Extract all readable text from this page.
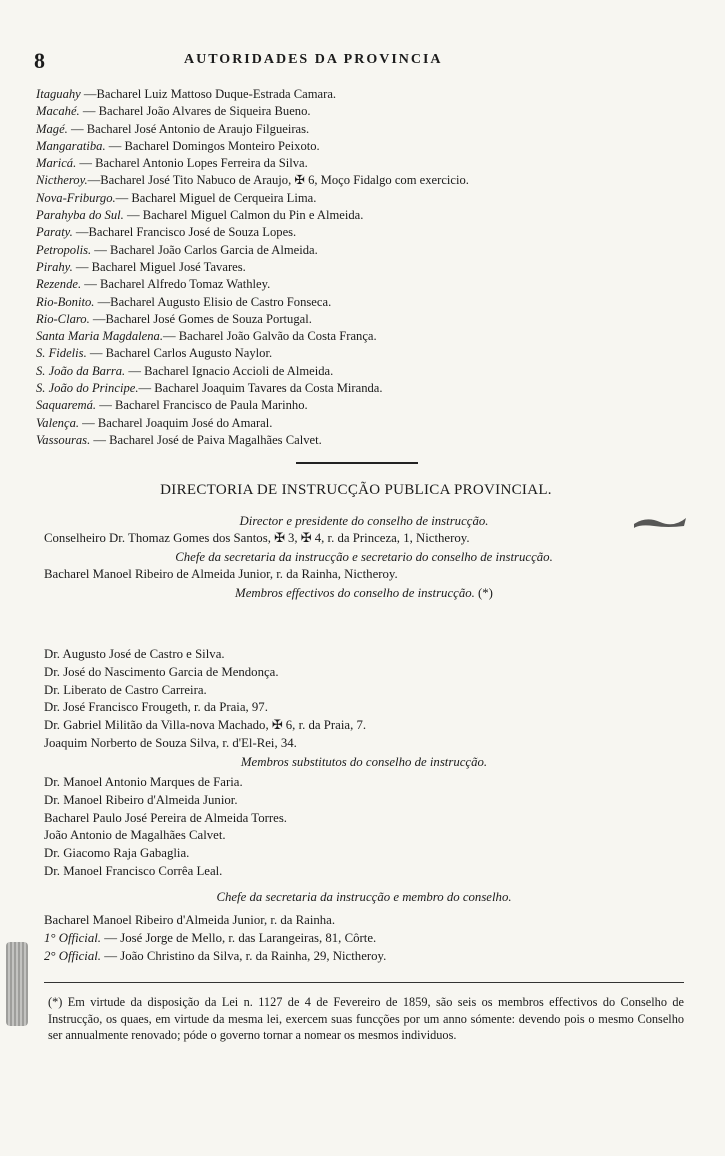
8	AUTORIDADES DA PROVINCIA
Itaguahy —Bacharel Luiz Mattoso Duque-Estrada Camara.
Macahé. — Bacharel João Alvares de Siqueira Bueno.
Magé. — Bacharel José Antonio de Araujo Filgueiras.
Mangaratiba. — Bacharel Domingos Monteiro Peixoto.
Maricá. — Bacharel Antonio Lopes Ferreira da Silva.
Nictheroy.—Bacharel José Tito Nabuco de Araujo, ✠ 6, Moço Fidalgo com exercicio.
Nova-Friburgo.— Bacharel Miguel de Cerqueira Lima.
Parahyba do Sul. — Bacharel Miguel Calmon du Pin e Almeida.
Paraty. —Bacharel Francisco José de Souza Lopes.
Petropolis. — Bacharel João Carlos Garcia de Almeida.
Pirahy. — Bacharel Miguel José Tavares.
Rezende. — Bacharel Alfredo Tomaz Wathley.
Rio-Bonito. —Bacharel Augusto Elisio de Castro Fonseca.
Rio-Claro. —Bacharel José Gomes de Souza Portugal.
Santa Maria Magdalena.— Bacharel João Galvão da Costa França.
S. Fidelis. — Bacharel Carlos Augusto Naylor.
S. João da Barra. — Bacharel Ignacio Accioli de Almeida.
S. João do Principe.— Bacharel Joaquim Tavares da Costa Miranda.
Saquaremá. — Bacharel Francisco de Paula Marinho.
Valença. — Bacharel Joaquim José do Amaral.
Vassouras. — Bacharel José de Paiva Magalhães Calvet.
DIRECTORIA DE INSTRUCÇÃO PUBLICA PROVINCIAL.
Director e presidente do conselho de instrucção.
Conselheiro Dr. Thomaz Gomes dos Santos, ✠ 3, ✠ 4, r. da Princeza, 1, Nictheroy.
Chefe da secretaria da instrucção e secretario do conselho de instrucção.
Bacharel Manoel Ribeiro de Almeida Junior, r. da Rainha, Nictheroy.
Membros effectivos do conselho de instrucção. (*)
Dr. Augusto José de Castro e Silva.
Dr. José do Nascimento Garcia de Mendonça.
Dr. Liberato de Castro Carreira.
Dr. José Francisco Frougeth, r. da Praia, 97.
Dr. Gabriel Militão da Villa-nova Machado, ✠ 6, r. da Praia, 7.
Joaquim Norberto de Souza Silva, r. d'El-Rei, 34.
Membros substitutos do conselho de instrucção.
Dr. Manoel Antonio Marques de Faria.
Dr. Manoel Ribeiro d'Almeida Junior.
Bacharel Paulo José Pereira de Almeida Torres.
João Antonio de Magalhães Calvet.
Dr. Giacomo Raja Gabaglia.
Dr. Manoel Francisco Corrêa Leal.
Chefe da secretaria da instrucção e membro do conselho.
Bacharel Manoel Ribeiro d'Almeida Junior, r. da Rainha.
1° Official. — José Jorge de Mello, r. das Larangeiras, 81, Côrte.
2° Official. — João Christino da Silva, r. da Rainha, 29, Nictheroy.
(*) Em virtude da disposição da Lei n. 1127 de 4 de Fevereiro de 1859, são seis os membros effectivos do Conselho de Instrucção, os quaes, em virtude da mesma lei, exercem suas funcções por um anno sómente: devendo pois o mesmo Conselho ser annualmente renovado; póde o governo tornar a nomear os mesmos individuos.
